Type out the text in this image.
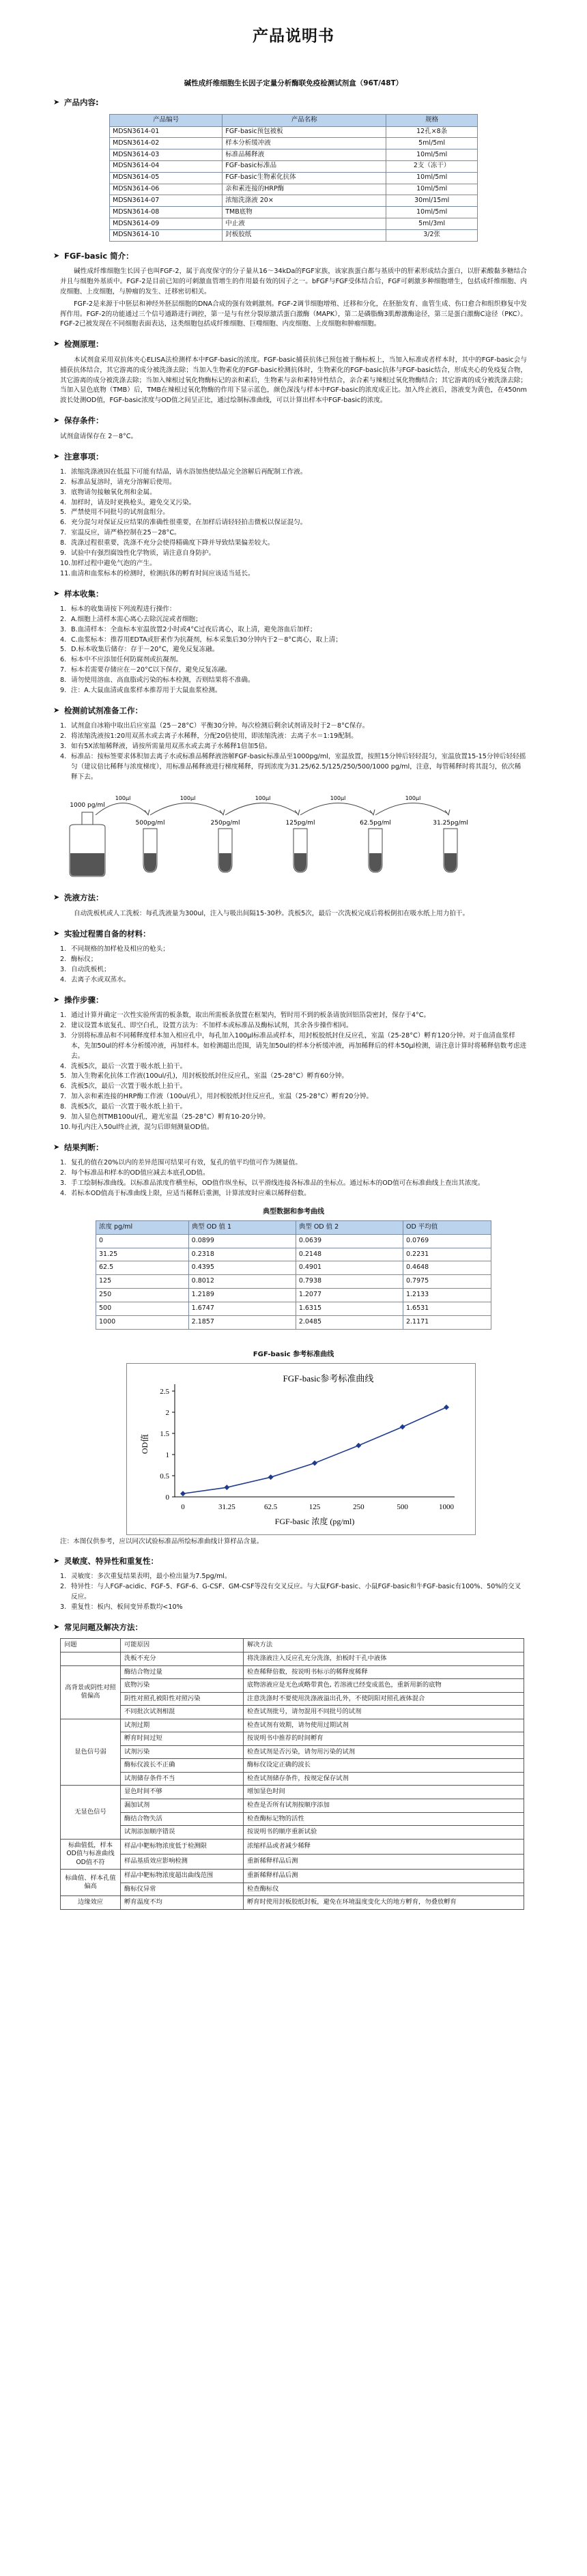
产品说明书
碱性成纤维细胞生长因子定量分析酶联免疫检测试剂盒（96T/48T）
➤ 产品内容:
产品编号	产品名称	规格
MDSN3614-01	FGF-basic预包被板	12孔×8条
MDSN3614-02	样本分析缓冲液	5ml/5ml
MDSN3614-03	标准品稀释液	10ml/5ml
MDSN3614-04	FGF-basic标准品	2支（冻干）
MDSN3614-05	FGF-basic生物素化抗体	10ml/5ml
MDSN3614-06	亲和素连接的HRP酶	10ml/5ml
MDSN3614-07	浓缩洗涤液 20×	30ml/15ml
MDSN3614-08	TMB底物	10ml/5ml
MDSN3614-09	中止液	5ml/3ml
MDSN3614-10	封板胶纸	3/2张
➤ FGF-basic 简介：

碱性成纤维细胞生长因子也叫FGF-2，属于高度保守的分子量从16～34kDa的FGF家族，该家族蛋白都与基质中的肝素形成结合蛋白，以肝素酸黏多糖结合并且与细胞外基质中。FGF-2是目前已知的可刺激血管增生的作用最有效的因子之一。bFGF与FGF受体结合后，FGF可刺激多种细胞增生，包括成纤维细胞、内皮细胞、上皮细胞，与肿瘤的发生、迁移密切相关。

FGF-2是来源于中胚层和神经外胚层细胞的DNA合成的强有效刺激剂。FGF-2调节细胞增殖、迁移和分化，在胚胎发育、血管生成、伤口愈合和组织修复中发挥作用。FGF-2的功能通过三个信号通路进行调控，第一是与有丝分裂原激活蛋白激酶（MAPK），第二是磷脂酶3肌醇激酶途径，第三是蛋白激酶C途径（PKC）。FGF-2已被发现在不同细胞表面表达，这类细胞包括成纤维细胞、巨噬细胞、内皮细胞、上皮细胞和肿瘤细胞。

➤ 检测原理：

本试剂盒采用双抗体夹心ELISA法检测样本中FGF-basic的浓度。FGF-basic捕获抗体已预包被于酶标板上，当加入标准或者样本时，其中的FGF-basic会与捕获抗体结合，其它游离的成分被洗涤去除；当加入生物素化的FGF-basic检测抗体时，生物素化的FGF-basic抗体与FGF-basic结合，形成夹心的免疫复合物，其它游离的成分被洗涤去除；当加入辣根过氧化物酶标记的亲和素后，生物素与亲和素特异性结合，亲合素与辣根过氧化物酶结合；其它游离的成分被洗涤去除；当加入显色底物（TMB）后，TMB在辣根过氧化物酶的作用下显示蓝色，颜色深浅与样本中FGF-basic的浓度成正比。加入终止液后，溶液变为黄色，在450nm波长处测OD值，FGF-basic浓度与OD值之间呈正比，通过绘制标准曲线，可以计算出样本中FGF-basic的浓度。

➤ 保存条件：

试剂盒请保存在 2－8°C。

➤ 注意事项：
1. 浓缩洗涤液因在低温下可能有结晶，请水浴加热使结晶完全溶解后再配制工作液。
2. 标准品复溶时，请充分溶解后使用。
3. 底物请勿接触氧化剂和金属。
4. 加样时，请及时更换枪头，避免交叉污染。
5. 严禁使用不同批号的试剂盒组分。
6. 充分混匀对保证反应结果的准确性很重要，在加样后请轻轻拍击微板以保证混匀。
7. 室温反应，请严格控制在25－28°C。
8. 洗涤过程很重要，洗涤不充分会使得精确度下降并导致结果偏差较大。
9. 试验中有强烈腐蚀性化学物质，请注意自身防护。
10. 加样过程中避免气泡的产生。
11. 血清和血浆标本的检测时，检测抗体的孵育时间应该适当延长。
➤ 样本收集：
1. 标本的收集请按下列流程进行操作：
2. A.细胞上清样本需心离心去除沉淀或者细胞；
3. B.血清样本：全血标本室温放置2小时或4°C过夜后离心，取上清，避免溶血后加样；
4. C.血浆标本：推荐用EDTA或肝素作为抗凝剂，标本采集后30分钟内于2－8°C离心，取上清；
5. D.标本收集后储存：存于－20°C，避免反复冻融。
6. 标本中不应添加任何防腐剂或抗凝剂。
7. 标本若需要存储应在－20°C以下保存，避免反复冻融。
8. 请勿使用溶血、高血脂或污染的标本检测，否则结果将不准确。
9. 注：A.大鼠血清或血浆样本推荐用于大鼠血浆检测。
➤ 检测前试剂准备工作：
1. 试剂盒自冰箱中取出后应室温（25－28°C）平衡30分钟。每次检测后剩余试剂请及时于2－8°C保存。
2. 将浓缩洗液按1:20用双蒸水或去离子水稀释，分配20倍使用，即浓缩洗液：去离子水＝1:19配制。
3. 如有5X浓缩稀释液，请按所需量用双蒸水或去离子水稀释1倍加5倍。
4. 标准品：按标签要求体积加去离子水或标准品稀释液溶解FGF-basic标准品至1000pg/ml，室温放置，按照15分钟后轻轻混匀，室温放置15-15分钟后轻轻摇匀（建议倍比稀释与浓度梯度），用标准品稀释液进行梯度稀释，得到浓度为31.25/62.5/125/250/500/1000 pg/ml，注意，每管稀释时将其混匀，依次稀释下去。
1000 pg/ml
500pg/ml
100μl
250pg/ml
100μl
125pg/ml
100μl
62.5pg/ml
100μl
31.25pg/ml
100μl
➤ 洗液方法：

自动洗板机或人工洗板：每孔洗液量为300ul，注入与吸出间隔15-30秒。洗板5次，最后一次洗板完成后将板倒扣在吸水纸上用力拍干。

➤ 实验过程需自备的材料：
1. 不同规格的加样枪及相应的枪头；
2. 酶标仪；
3. 自动洗板机；
4. 去离子水或双蒸水。
➤ 操作步骤：
1. 通过计算并确定一次性实验所需的板条数，取出所需板条放置在框架内，暂时用不到的板条请放回铝箔袋密封，保存于4°C。
2. 建议设置本底复孔、即空白孔，设置方法为：不加样本或标准品及酶标试剂，其余各步操作相同。
3. 分别将标准品和不同稀释度样本加入相应孔中，每孔加入100μl标准品或样本，用封板胶纸封住反应孔，室温（25-28°C）孵育120分钟。对于血清血浆样本，先加50ul的样本分析缓冲液，再加样本。如检测超出范围，请先加50ul的样本分析缓冲液，再加稀释后的样本50μl检测，请注意计算时将稀释倍数考虑进去。
4. 洗板5次，最后一次置于吸水纸上拍干。
5. 加入生物素化抗体工作液(100ul/孔)，用封板胶纸封住反应孔，室温（25-28°C）孵育60分钟。
6. 洗板5次，最后一次置于吸水纸上拍干。
7. 加入亲和素连接的HRP酶工作液（100ul/孔），用封板胶纸封住反应孔，室温（25-28°C）孵育20分钟。
8. 洗板5次，最后一次置于吸水纸上拍干。
9. 加入显色剂TMB100ul/孔，避光室温（25-28°C）孵育10-20分钟。
10. 每孔内注入50ul终止液，混匀后即刻测量OD值。
➤ 结果判断：
1. 复孔的值在20%以内的差异范围可结果可有效，复孔的值平均值可作为测量值。
2. 每个标准品和样本的OD值应减去本底孔OD值。
3. 手工绘制标准曲线。以标准品浓度作横坐标，OD值作纵坐标，以平滑线连接各标准品的坐标点。通过标本的OD值可在标准曲线上查出其浓度。
4. 若标本OD值高于标准曲线上限，应适当稀释后重测，计算浓度时应乘以稀释倍数。
典型数据和参考曲线
浓度 pg/ml	典型 OD 值 1	典型 OD 值 2	OD 平均值
0	0.0899	0.0639	0.0769
31.25	0.2318	0.2148	0.2231
62.5	0.4395	0.4901	0.4648
125	0.8012	0.7938	0.7975
250	1.2189	1.2077	1.2133
500	1.6747	1.6315	1.6531
1000	2.1857	2.0485	2.1171
FGF-basic 参考标准曲线
FGF-basic参考标准曲线
0
0.5
1
1.5
2
2.5
0	31.25	62.5	125	250	500	1000
FGF-basic 浓度 (pg/ml)
OD值

注：本图仅供参考，应以同次试验标准品所绘标准曲线计算样品含量。

➤ 灵敏度、特异性和重复性：
1. 灵敏度：多次重复结果表明，最小检出量为7.5pg/ml。
2. 特异性：与人FGF-acidic、FGF-5、FGF-6、G-CSF、GM-CSF等没有交叉反应。与大鼠FGF-basic、小鼠FGF-basic和牛FGF-basic有100%、50%的交叉反应。
3. 重复性：板内、板间变异系数均<10%
➤ 常见问题及解决方法：
问题	可能原因	解决方法
	洗板不充分	将洗涤液注入反应孔充分洗涤，拍板时干孔中液体
高背景或阴性对照值偏高	酶结合物过量	检查稀释倍数，按说明书标示的稀释度稀释
	底物污染	底物溶液应是无色或略带黄色, 若溶液已经变成蓝色，重新用新的底物
	阴性对照孔被阳性对照污染	注意洗涤时不要使用洗涤液溢出孔外，不使阴阳对照孔液体混合
	不同批次试剂相混	检查试剂批号，请勿混用不同批号的试剂
显色信号弱	试剂过期	检查试剂有效期，请勿使用过期试剂
	孵育时间过短	按说明书中推荐的时间孵育
	试剂污染	检查试剂是否污染，请勿用污染的试剂
	酶标仪波长不正确	酶标仪设定正确的波长
	试剂储存条件不当	检查试剂储存条件，按规定保存试剂
无显色信号	显色时间不够	增加显色时间
	漏加试剂	检查是否所有试剂按顺序添加
	酶结合物失活	检查酶标记物的活性
	试剂添加顺序错误	按说明书的顺序重新试验
标曲值低，样本OD值与标准曲线OD值不符	样品中靶标物浓度低于检测限	浓缩样品或者减少稀释
	样品基质效应影响检测	重新稀释样品后测
标曲值、样本孔值偏高	样品中靶标物浓度超出曲线范围	重新稀释样品后测
	酶标仪异常	检查酶标仪
边缘效应	孵育温度不均	孵育时使用封板胶纸封板，避免在环境温度变化大的地方孵育，勿叠放孵育
